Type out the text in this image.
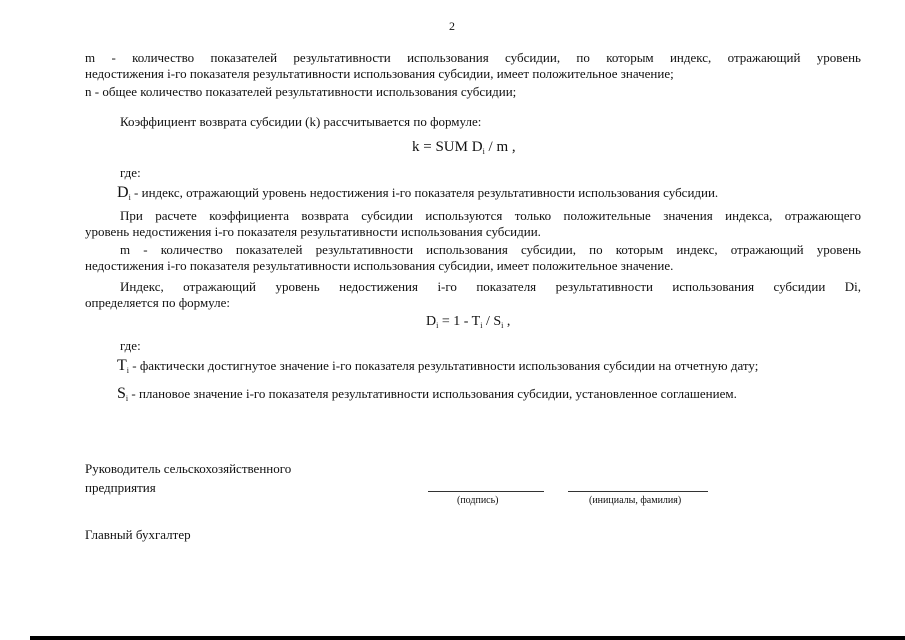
2
m - количество показателей результативности использования субсидии, по которым индекс, отражающий уровень
недостижения i-го показателя результативности использования субсидии, имеет положительное значение;
n - общее количество показателей результативности использования субсидии;
Коэффициент возврата субсидии (k) рассчитывается по формуле:
k = SUM $D_i$ / m ,
где:
$D_i$ - индекс, отражающий уровень недостижения i-го показателя результативности использования субсидии.
При расчете коэффициента возврата субсидии используются только положительные значения индекса, отражающего
уровень недостижения i-го показателя результативности использования субсидии.
m - количество показателей результативности использования субсидии, по которым индекс, отражающий уровень
недостижения i-го показателя результативности использования субсидии, имеет положительное значение.
Индекс, отражающий уровень недостижения i-го показателя результативности использования субсидии Di,
определяется по формуле:
$D_i = 1 - T_i / S_i$ ,
где:
$T_i$ - фактически достигнутое значение i-го показателя результативности использования субсидии на отчетную дату;
$S_i$ - плановое значение i-го показателя результативности использования субсидии, установленное соглашением.
Руководитель сельскохозяйственного
предприятия
(подпись)	(инициалы, фамилия)
Главный бухгалтер
